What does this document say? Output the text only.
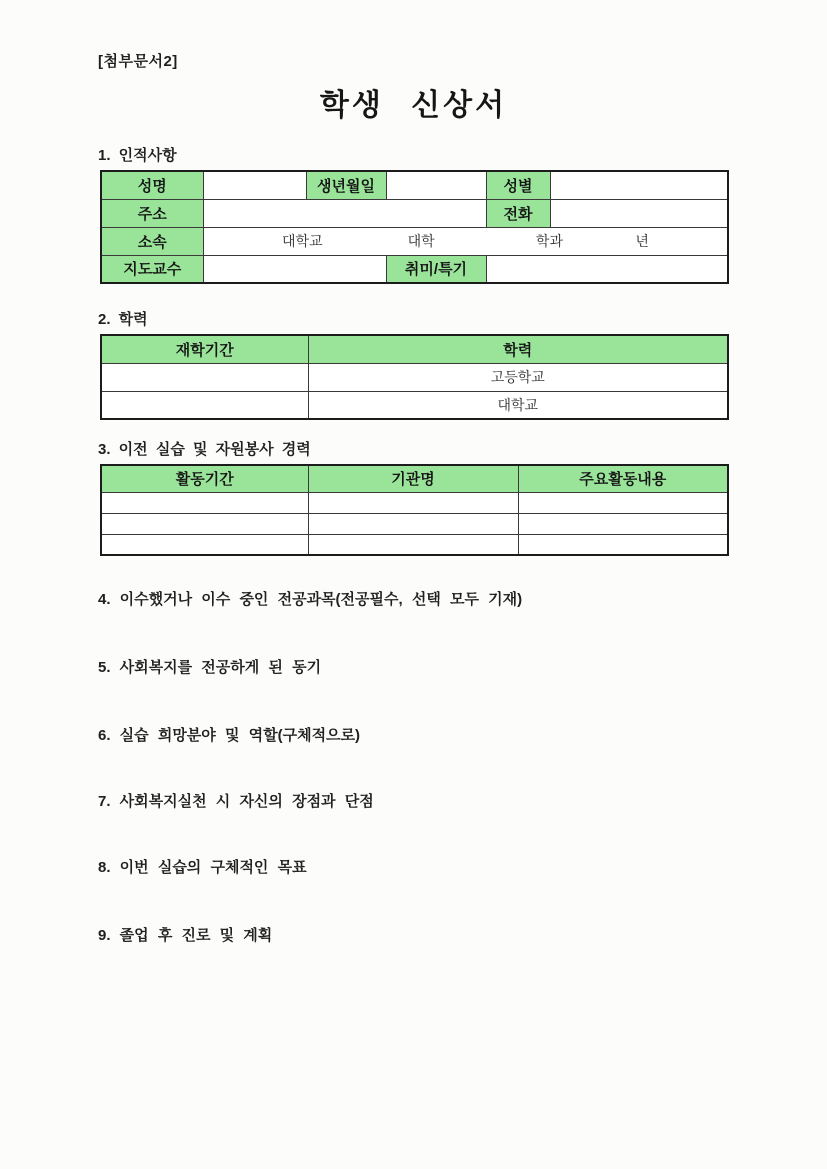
[첨부문서2]
학생 신상서
1. 인적사항
성명		생년월일		성별	
주소				전화	
소속	대학교 대학 학과 년				

지도교수			취미/특기		
2. 학력
재학기간	학력
	고등학교
	대학교
3. 이전 실습 및 자원봉사 경력
활동기간	기관명	주요활동내용

4. 이수했거나 이수 중인 전공과목(전공필수, 선택 모두 기재)
5. 사회복지를 전공하게 된 동기
6. 실습 희망분야 및 역할(구체적으로)
7. 사회복지실천 시 자신의 장점과 단점
8. 이번 실습의 구체적인 목표
9. 졸업 후 진로 및 계획
